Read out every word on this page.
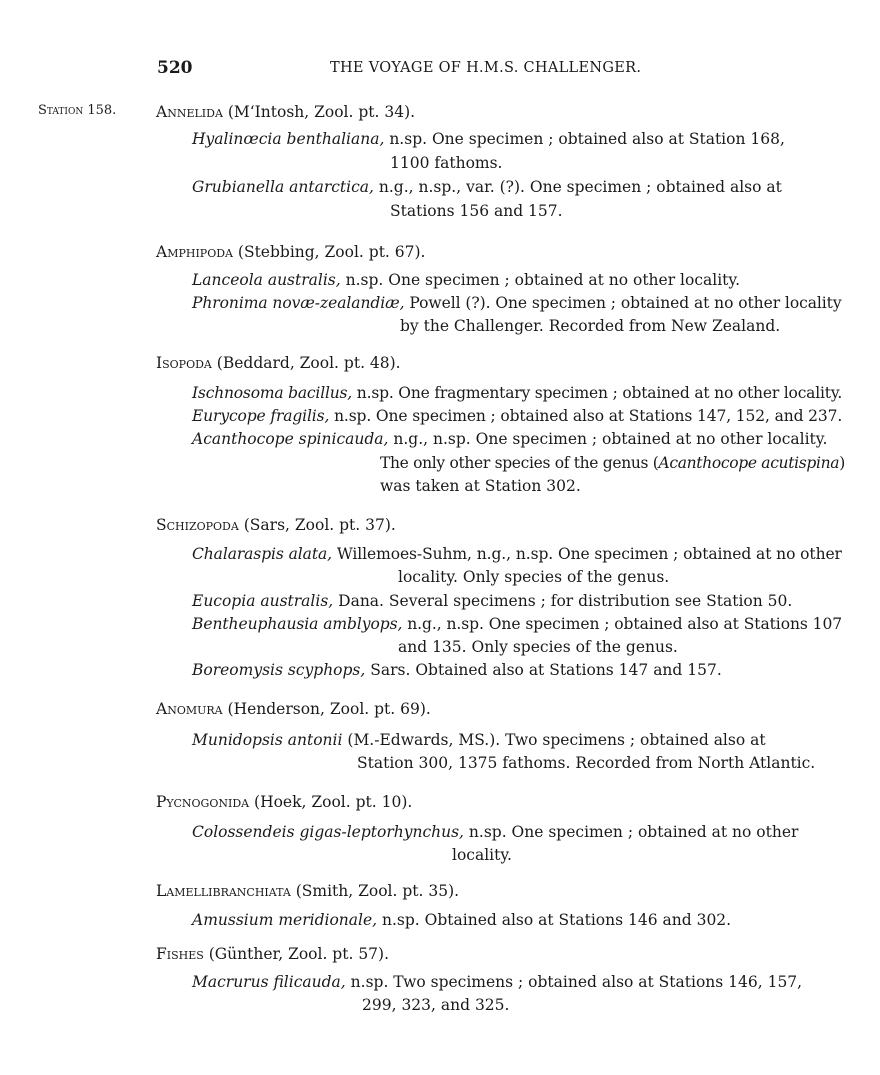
520	THE VOYAGE OF H.M.S. CHALLENGER.
Station 158.	Annelida (M‘Intosh, Zool. pt. 34).
Hyalinœcia benthaliana, n.sp. One specimen ; obtained also at Station 168,
1100 fathoms.
Grubianella antarctica, n.g., n.sp., var. (?). One specimen ; obtained also at
Stations 156 and 157.
Amphipoda (Stebbing, Zool. pt. 67).
Lanceola australis, n.sp. One specimen ; obtained at no other locality.
Phronima novæ-zealandiæ, Powell (?). One specimen ; obtained at no other locality
by the Challenger. Recorded from New Zealand.
Isopoda (Beddard, Zool. pt. 48).
Ischnosoma bacillus, n.sp. One fragmentary specimen ; obtained at no other locality.
Eurycope fragilis, n.sp. One specimen ; obtained also at Stations 147, 152, and 237.
Acanthocope spinicauda, n.g., n.sp. One specimen ; obtained at no other locality.
The only other species of the genus (Acanthocope acutispina)
was taken at Station 302.
Schizopoda (Sars, Zool. pt. 37).
Chalaraspis alata, Willemoes-Suhm, n.g., n.sp. One specimen ; obtained at no other
locality. Only species of the genus.
Eucopia australis, Dana. Several specimens ; for distribution see Station 50.
Bentheuphausia amblyops, n.g., n.sp. One specimen ; obtained also at Stations 107
and 135. Only species of the genus.
Boreomysis scyphops, Sars. Obtained also at Stations 147 and 157.
Anomura (Henderson, Zool. pt. 69).
Munidopsis antonii (M.-Edwards, MS.). Two specimens ; obtained also at
Station 300, 1375 fathoms. Recorded from North Atlantic.
Pycnogonida (Hoek, Zool. pt. 10).
Colossendeis gigas-leptorhynchus, n.sp. One specimen ; obtained at no other
locality.
Lamellibranchiata (Smith, Zool. pt. 35).
Amussium meridionale, n.sp. Obtained also at Stations 146 and 302.
Fishes (Günther, Zool. pt. 57).
Macrurus filicauda, n.sp. Two specimens ; obtained also at Stations 146, 157,
299, 323, and 325.
